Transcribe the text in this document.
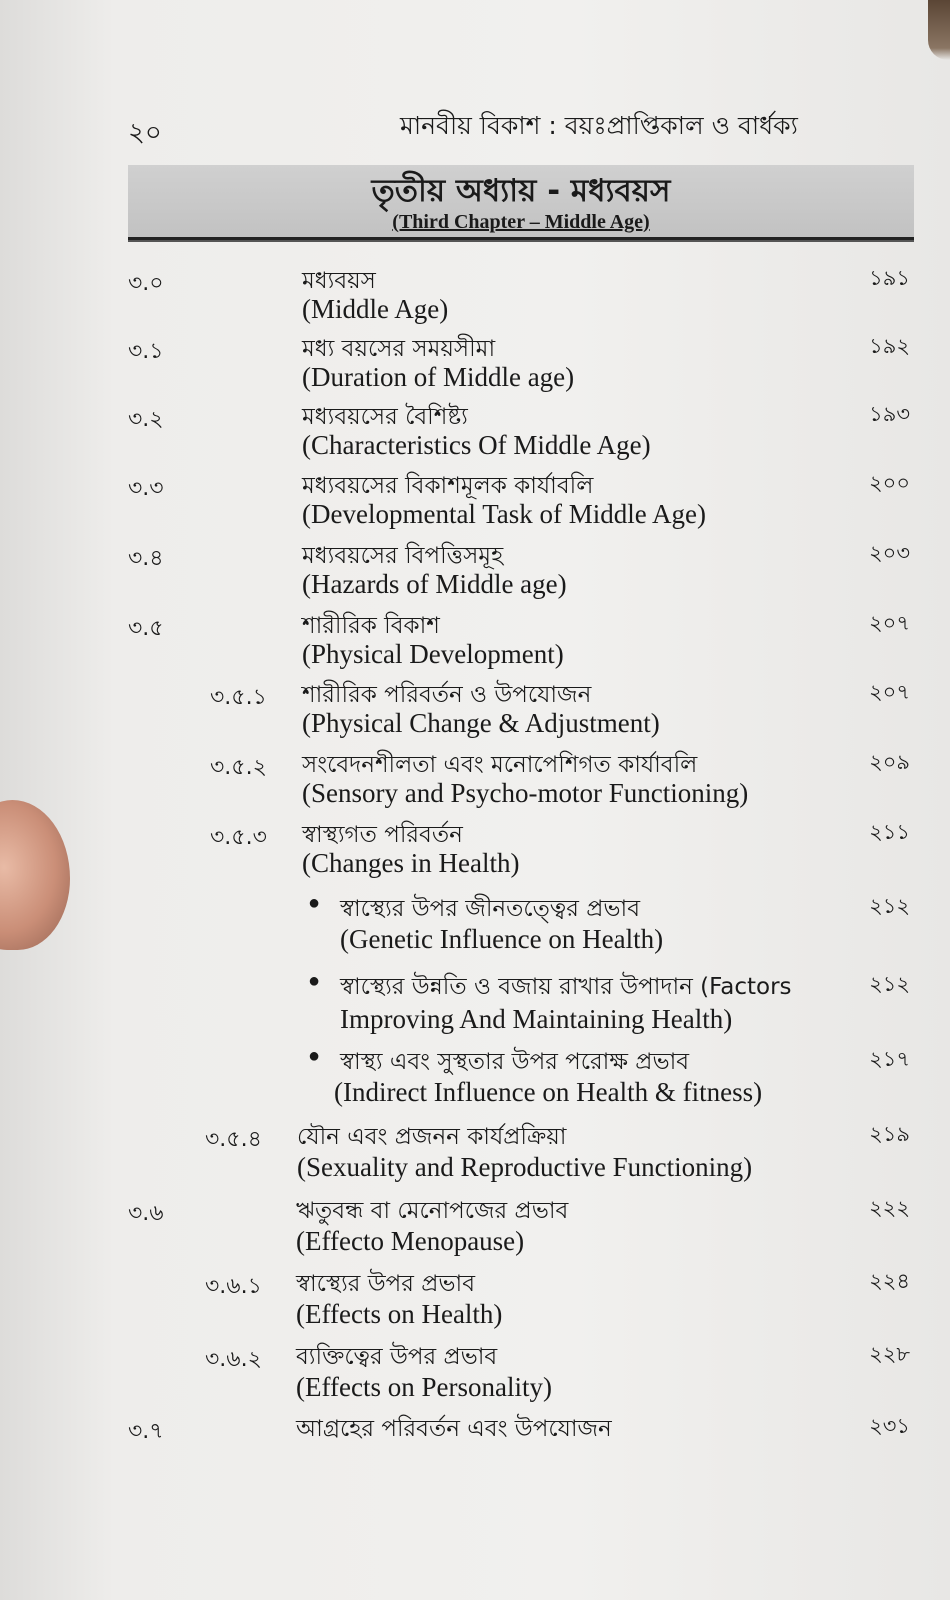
২০	মানবীয় বিকাশ : বয়ঃপ্রাপ্তিকাল ও বার্ধক্য
তৃতীয় অধ্যায় - মধ্যবয়স
(Third Chapter – Middle Age)
৩.০	মধ্যবয়স	১৯১
(Middle Age)
৩.১	মধ্য বয়সের সময়সীমা	১৯২
(Duration of Middle age)
৩.২	মধ্যবয়সের বৈশিষ্ট্য	১৯৩
(Characteristics Of Middle Age)
৩.৩	মধ্যবয়সের বিকাশমূলক কার্যাবলি	২০০
(Developmental Task of Middle Age)
৩.৪	মধ্যবয়সের বিপত্তিসমূহ	২০৩
(Hazards of Middle age)
৩.৫	শারীরিক বিকাশ	২০৭
(Physical Development)
৩.৫.১ শারীরিক পরিবর্তন ও উপযোজন	২০৭
(Physical Change & Adjustment)
৩.৫.২ সংবেদনশীলতা এবং মনোপেশিগত কার্যাবলি	২০৯
(Sensory and Psycho-motor Functioning)
৩.৫.৩ স্বাস্থ্যগত পরিবর্তন	২১১
(Changes in Health)
● স্বাস্থ্যের উপর জীনতত্ত্বের প্রভাব	২১২
(Genetic Influence on Health)
● স্বাস্থ্যের উন্নতি ও বজায় রাখার উপাদান (Factors	২১২
Improving And Maintaining Health)
● স্বাস্থ্য এবং সুস্থতার উপর পরোক্ষ প্রভাব	২১৭
(Indirect Influence on Health & fitness)
৩.৫.৪ যৌন এবং প্রজনন কার্যপ্রক্রিয়া	২১৯
(Sexuality and Reproductive Functioning)
৩.৬	ঋতুবন্ধ বা মেনোপজের প্রভাব	২২২
(Effecto Menopause)
৩.৬.১ স্বাস্থ্যের উপর প্রভাব	২২৪
(Effects on Health)
৩.৬.২ ব্যক্তিত্বের উপর প্রভাব	২২৮
(Effects on Personality)
৩.৭	আগ্রহের পরিবর্তন এবং উপযোজন	২৩১
